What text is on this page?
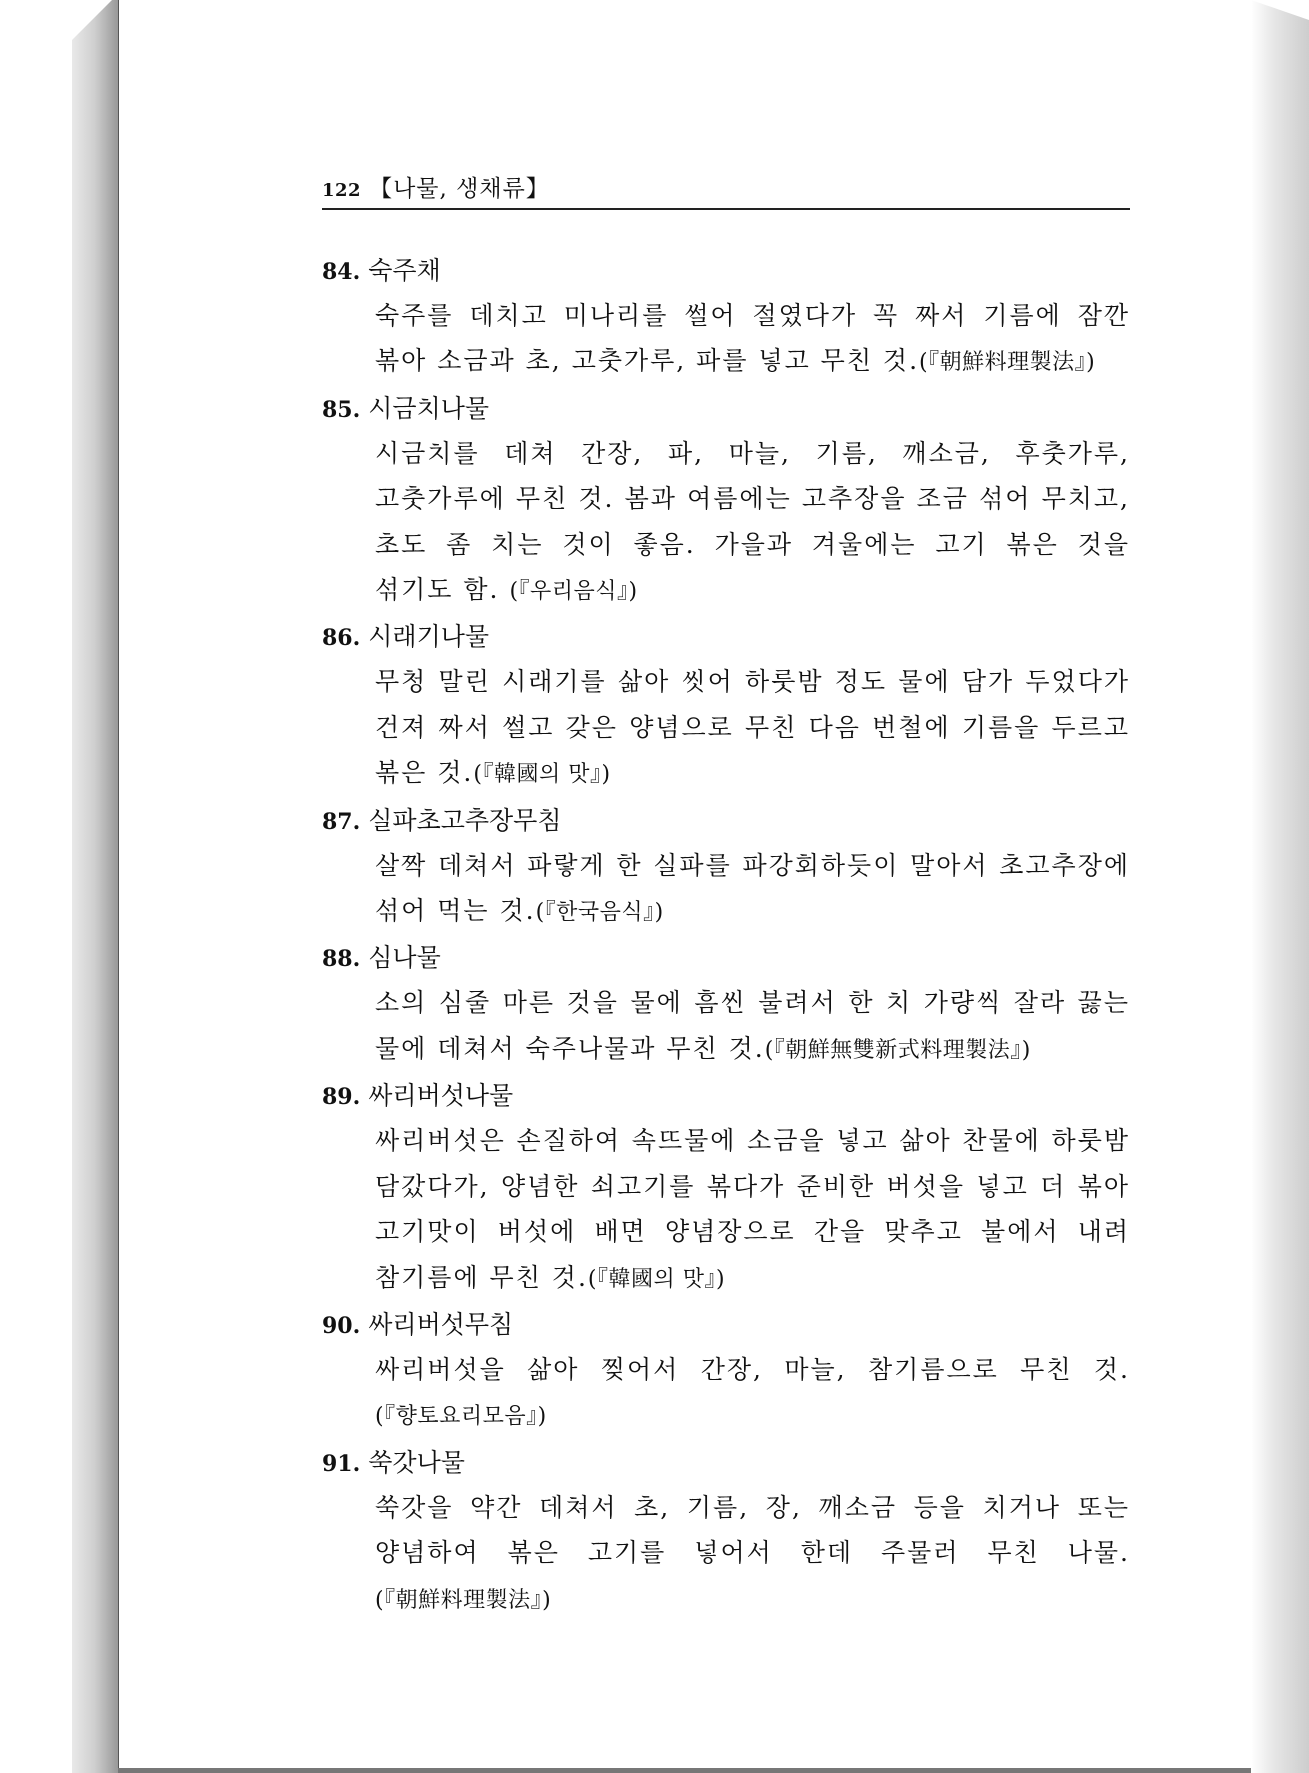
122 【나물, 생채류】
84. 숙주채
숙주를 데치고 미나리를 썰어 절였다가 꼭 짜서 기름에 잠깐 볶아 소금과 초, 고춧가루, 파를 넣고 무친 것.(『朝鮮料理製法』)
85. 시금치나물
시금치를 데쳐 간장, 파, 마늘, 기름, 깨소금, 후춧가루, 고춧가루에 무친 것. 봄과 여름에는 고추장을 조금 섞어 무치고, 초도 좀 치는 것이 좋음. 가을과 겨울에는 고기 볶은 것을 섞기도 함. (『우리음식』)
86. 시래기나물
무청 말린 시래기를 삶아 씻어 하룻밤 정도 물에 담가 두었다가 건져 짜서 썰고 갖은 양념으로 무친 다음 번철에 기름을 두르고 볶은 것.(『韓國의 맛』)
87. 실파초고추장무침
살짝 데쳐서 파랗게 한 실파를 파강회하듯이 말아서 초고추장에 섞어 먹는 것.(『한국음식』)
88. 심나물
소의 심줄 마른 것을 물에 흠씬 불려서 한 치 가량씩 잘라 끓는 물에 데쳐서 숙주나물과 무친 것.(『朝鮮無雙新式料理製法』)
89. 싸리버섯나물
싸리버섯은 손질하여 속뜨물에 소금을 넣고 삶아 찬물에 하룻밤 담갔다가, 양념한 쇠고기를 볶다가 준비한 버섯을 넣고 더 볶아 고기맛이 버섯에 배면 양념장으로 간을 맞추고 불에서 내려 참기름에 무친 것.(『韓國의 맛』)
90. 싸리버섯무침
싸리버섯을 삶아 찢어서 간장, 마늘, 참기름으로 무친 것.(『향토요리모음』)
91. 쑥갓나물
쑥갓을 약간 데쳐서 초, 기름, 장, 깨소금 등을 치거나 또는 양념하여 볶은 고기를 넣어서 한데 주물러 무친 나물.(『朝鮮料理製法』)
